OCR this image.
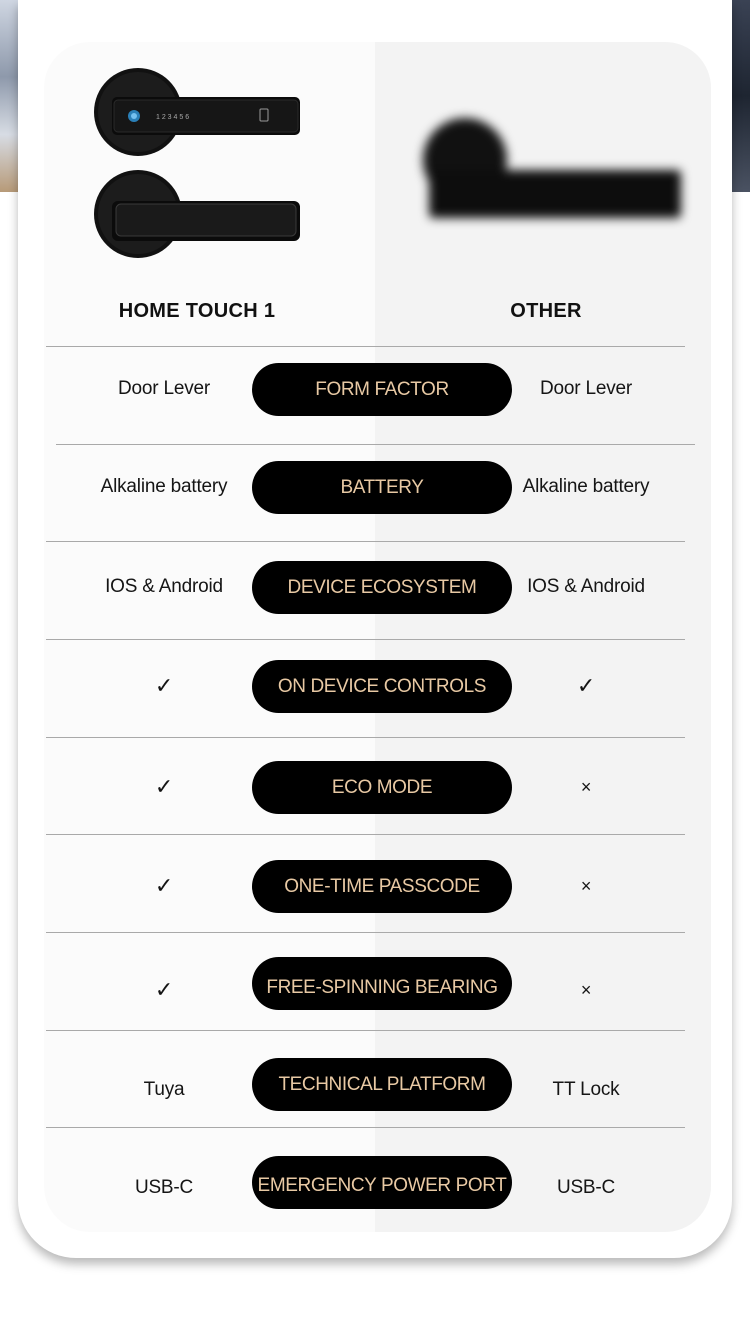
1 2 3 4 5 6
HOME TOUCH 1	OTHER
Door Lever	FORM FACTOR	Door Lever
Alkaline battery	BATTERY	Alkaline battery
IOS & Android	DEVICE ECOSYSTEM	IOS & Android
✓	ON DEVICE CONTROLS	✓
✓	ECO MODE	×
✓	ONE-TIME PASSCODE	×
✓	FREE-SPINNING BEARING	×
Tuya	TECHNICAL PLATFORM	TT Lock
USB-C	EMERGENCY POWER PORT	USB-C
